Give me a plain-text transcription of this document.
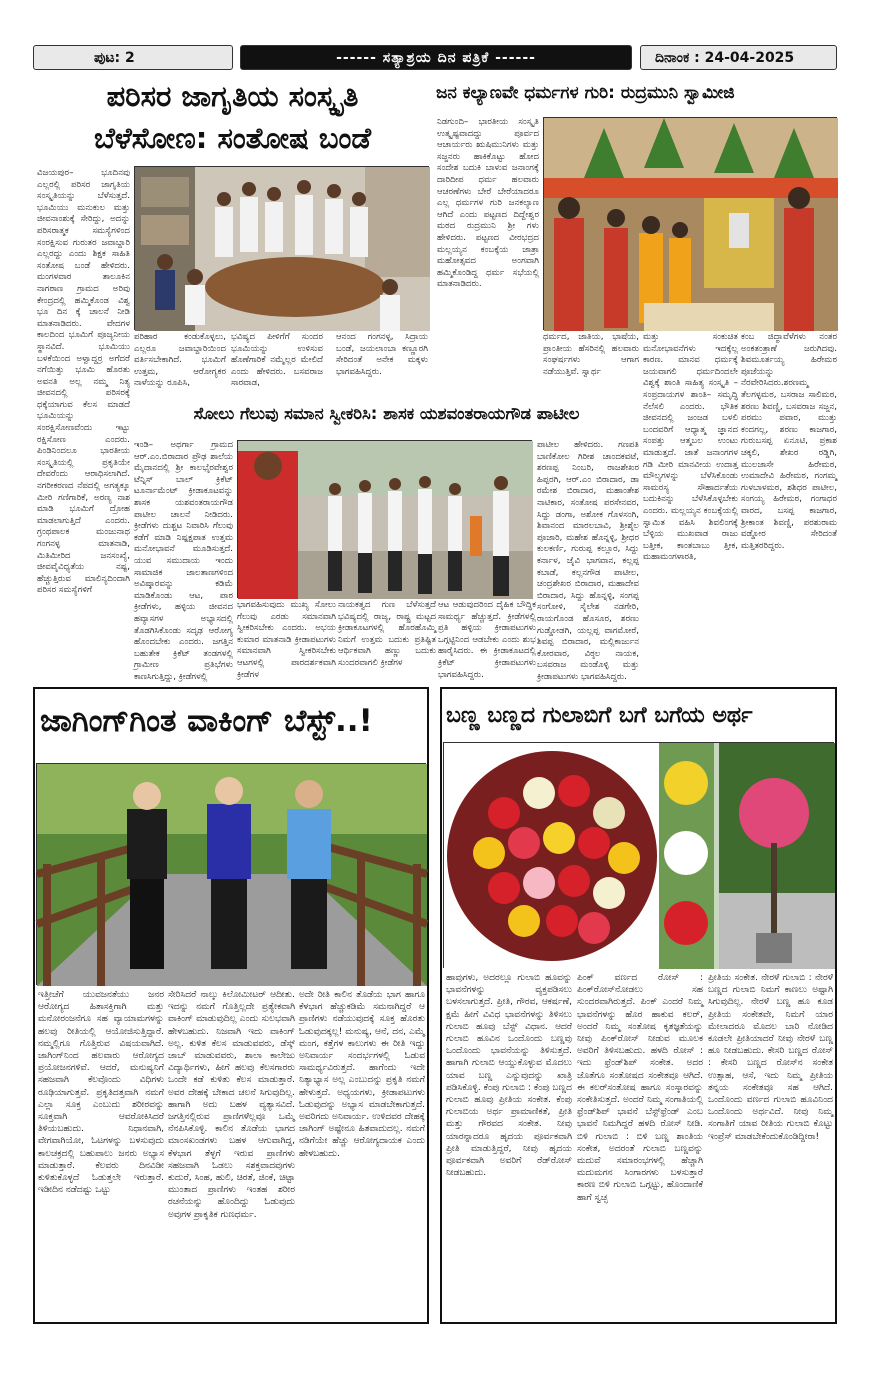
ಪುಟ: 2	------ ಸತ್ಯಾಶ್ರಯ ದಿನ ಪತ್ರಿಕೆ ------	ದಿನಾಂಕ : 24-04-2025
ಪರಿಸರ ಜಾಗೃತಿಯ ಸಂಸ್ಕೃತಿ
ಬೆಳೆಸೋಣ: ಸಂತೋಷ ಬಂಡೆ

ವಿಜಯಪುರ– ಭೂದಿನವು ಎಲ್ಲರಲ್ಲಿ ಪರಿಸರ ಜಾಗೃತಿಯ ಸಂಸ್ಕೃತಿಯನ್ನು ಬೆಳೆಸುತ್ತದೆ. ಭೂಮಿಯು ಮನುಕುಲ ಮತ್ತು ಜೀವನಾಂಶುಕ್ಕೆ ಸೇರಿದ್ದು, ಅದನ್ನು ಪರಿಸರಾತ್ಮಕ ಸಮಸ್ಯೆಗಳಿಂದ ಸಂರಕ್ಷಿಸುವ ಗುರುತರ ಜವಾಬ್ದಾರಿ ಎಲ್ಲರದ್ದು ಎಂದು ಶಿಕ್ಷಕ ಸಾಹಿತಿ ಸಂತೋಷ ಬಂಡೆ ಹೇಳಿದರು. ಮಂಗಳವಾರ ತಾಲೂಕಿನ ನಾಗಠಾಣ ಗ್ರಾಮದ ಅರಿವು ಕೇಂದ್ರದಲ್ಲಿ ಹಮ್ಮಿಕೊಂಡ ವಿಶ್ವ ಭೂ ದಿನ ಕ್ಕೆ ಚಾಲನೆ ನೀಡಿ ಮಾತನಾಡಿದರು. ವೇದಗಳ ಕಾಲದಿಂದ ಭೂಮಿಗೆ ಪೂಜ್ಯನೀಯ ಸ್ಥಾನವಿದೆ. ಭೂಮಿಯು ಬಳಕೆಯಿಂದ ಅಳ್ವಾದ್ದರ್ರ ಅಗೆದರೆ ನಗೆಯಿತ್ತು ಭೂಮಿ ಹೊರತು ಅವನತಿ ಅಲ್ಲ ನಮ್ಮ ನಿತ್ಯ ಜೀವನದಲ್ಲಿ ಪರಿಸರಕ್ಕೆ ಧಕ್ಕೆಯಾಗುವ ಕೆಲಸ ಮಾಡದೆ ಭೂಮಿಯನ್ನು ಸಂರಕ್ಷಿಸೋಣವೆಂದು ಇಟ್ಟು ರಕ್ಷಿಸೋಣ ಎಂದರು. ಪಿಂಡಿನಿಂದಲೂ ಭಾರತೀಯ ಸಂಸ್ಕೃತಿಯಲ್ಲಿ ಪ್ರಕೃತಿಯೇ ದೇವರೆಂದು ಆರಾಧಿಸಲಾಗಿದೆ. ನಗರೀಕರಣದ ನೆಪದಲ್ಲಿ ಅಗತ್ಯಕ್ಕೂ ಮೀರಿ ಗಣಿಗಾರಿಕೆ, ಅರಣ್ಯ ನಾಶ ಮಾಡಿ ಭೂಮಿಗೆ ದ್ರೋಹ ಮಾಡಲಾಗುತ್ತಿದೆ ಎಂದರು. ಗ್ರಂಥಪಾಲಕ ಮಂಜುನಾಥ ಗಂಗನಳ್ಳ ಮಾತನಾಡಿ, ಮಿತಿಮೀರಿದ ಜನಸಂಖ್ಯೆ, ಜೀವವೈವಿಧ್ಯತೆಯ ನಷ್ಟ, ಹೆಚ್ಚುತ್ತಿರುವ ಮಾಲಿನ್ಯದಿಂದಾಗಿ ಪರಿಸರ ಸಮಸ್ಯೆಗಳಿಗೆ

ಪರಿಹಾರ ಕಂಡುಕೊಳ್ಳಲು, ಎಲ್ಲರೂ ಜವಾಬ್ದಾರಿಯಿಂದ ವರ್ತಿಸಬೇಕಾಗಿದೆ. ಭೂಮಿಗೆ ಉತ್ತಮ, ಆರೋಗ್ಯಕರ ನಾಳೆಯನ್ನು ರೂಪಿಸಿ,

ಭವಿಷ್ಯದ ಪೀಳಿಗೆಗೆ ಸುಂದರ ಭೂಮಿಯನ್ನು ಉಳಿಸುವ ಹೊಣೆಗಾರಿಕೆ ನಮ್ಮೆಲ್ಲರ ಮೇಲಿದೆ ಎಂದು ಹೇಳಿದರು. ಬಸವರಾಜ ಸಾರವಾಡ,

ಆನಂದ ಗಂಗನಳ್ಳ, ಸಿದ್ರಾಯ ಬಂಡೆ, ಜಯಲಾಂಬಾ ಕಣ್ಣೂರಗಿ ಸೇರಿದಂತೆ ಅನೇಕ ಮಕ್ಕಳು ಭಾಗವಹಿಸಿದ್ದರು.

ಜನ ಕಲ್ಯಾಣವೇ ಧರ್ಮಗಳ ಗುರಿ: ರುದ್ರಮುನಿ ಸ್ವಾಮೀಜಿ

ನಿಡಗುಂದಿ– ಭಾರತೀಯ ಸಂಸ್ಕೃತಿ ಉತ್ಕೃಷ್ಟವಾದದ್ದು ಪೂರ್ವದ ಆಚಾರ್ಯರು ಋಷಿಮುನಿಗಳು ಮತ್ತು ಸಜ್ಜನರು ಹಾಕಿಕೊಟ್ಟು ಹೋದ ಸಂದೇಶ ಬದುಕಿ ಬಾಳುವ ಜನಾಂಗಕ್ಕೆ ದಾರಿದೀಪ ಧರ್ಮ ಹಲವಾರು ಆಚರಣೆಗಳು ಬೇರೆ ಬೇರೆಯಾದರೂ ಎಲ್ಲ ಧರ್ಮಗಳ ಗುರಿ ಜನಕಲ್ಯಾಣ ಆಗಿದೆ ಎಂದು ಪಟ್ಟಣದ ದಿದ್ದೇಶ್ವರ ಮಠದ ರುದ್ರಮುನಿ ಶ್ರೀ ಗಳು ಹೇಳಿದರು. ಪಟ್ಟಣದ ವೀರಭದ್ರದ ಮಲ್ಲಯ್ಯನ ಕಂಬಕ್ಕೆಯ ಜಾತ್ರಾ ಮಹೋತ್ಸವದ ಅಂಗವಾಗಿ ಹಮ್ಮಿಕೊಂಡಿದ್ದ ಧರ್ಮ ಸಭೆಯಲ್ಲಿ ಮಾತನಾಡಿದರು.

ಧರ್ಮದ, ಜಾತಿಯ, ಭಾಷೆಯ, ಪ್ರಾಂತೀಯ ಹೆಸರಿನಲ್ಲಿ ಹಲವಾರು ಸಂಘರ್ಷಗಳು ಆಗಾಗ ನಡೆಯುತ್ತಿವೆ. ಸ್ವಾರ್ಥ

ಮತ್ತು ಸಂಕುಚಿತ ಮನೋಭಾವನೆಗಳು ಇದಕ್ಕೆಲ್ಲ ಕಾರಣ. ಮಾನವ ಧರ್ಮಕ್ಕೆ ಜಯವಾಗಲಿ ಧರ್ಮದಿಂದಲೇ ವಿಶ್ವಕ್ಕೆ ಶಾಂತಿ ಸಾಹಿತ್ಯ ಸಂಸ್ಕೃತಿ –ಸಂಪ್ರದಾಯಗಳ ಶಾಂತಿ– ಸಮೃದ್ಧಿ ನೆಲೆಸಲಿ ಎಂದರು. ಭೌತಿಕ ಜೀವನದಲ್ಲಿ ಜಂಜಡ ಬಳಲಿ ಬಂದವರಿಗೆ ಆಧ್ಯಾತ್ಮ ಜ್ಞಾನದ ಸಂಪತ್ತು ಆತ್ಮಬಲ ಉಂಟು ಮಾಡುತ್ತದೆ. ಜಾತೆ ಜನಾಂಗಗಳ ಗಡಿ ಮೀರಿ ಮಾನವೀಯ ಉದಾತ್ತ ಮೌಲ್ಯಗಳನ್ನು ಬೆಳೆಸಿಕೊಂಡು ಸಾಮರಸ್ಯ ಸೌಹಾರ್ದತೆಯ ಬದುಕಿನನ್ನು ಬೆಳೆಸಿಕೊಳ್ಳಬೇಕು ಎಂದರು. ಮಲ್ಲಯ್ಯನ ಕಂಬಕ್ಕೆಯಲ್ಲಿ ಸ್ವಾಮಿತ ವಹಿಸಿ ಶಿವಲಿಂಗಕ್ಕೆ ಬೆಳ್ಳಿಯ ಮುಖವಾಡ ರಾಜು ಬತ್ತೀಕ, ಕಾಂತಬಾಬು ತ್ತೀಕ, ಮಹಾಮಂಗಳಾರತಿ,

ಕಂಬ ಜಿದ್ಧಾವೆಳೆಗಳು ನಂತರ ಅಂಕತಂತ್ರಾಣೆ ಜರುಗಿದವು. ಶಿವಮೂರ್ತಯ್ಯ ಹಿರೇಮಠ ಪೂಜೆಯನ್ನು ನೆರವೇರಿಸಿದರು.ಶರಣಮ್ಮ ತೆಲಗಳ್ಳಮಠ, ಬಸರಾಜ ಸಾಲಿಮಠ, ಶರಣು ಶಿವಣ್ಣಿ, ಬಸವರಾಜ ಸಜ್ಜನ, ಪರಮು ಪವಾರ, ಮುತ್ತು ಕಂದಗಲ್ಲ, ಶರಣು ಕಾಜಗಾರ, ಗುರುಬಸಪ್ಪ ಏನೂಟಿ, ಪ್ರಕಾಶ ಚಕ್ಕಲಿ, ಶೇಖರ ರಡ್ಡಿಗಿ, ಮುಲಜಾಸೇ ಹಿರೇಮಠ, ಉಮಾದೇವಿ ಹಿರೇಮಠ, ಗಂಗಮ್ಮ ಗುಳಬಾಳಮಠ, ಶಶಿಧರ ಪಾಟೀಲ, ಸಂಗಯ್ಯ ಹಿರೇಮಠ, ಗಂಗಾಧರ ವಾರದ, ಬಸಪ್ಪ ಕಾಜಗಾರ, ಶ್ರೀಕಾಂತ ಶಿವಣ್ಣಿ, ಪರಶುರಾಮ ವಡ್ಡೋರ ಸೇರಿದಂತೆ ಮತ್ತಿತರರಿದ್ದರು.

ಸೋಲು ಗೆಲುವು ಸಮಾನ ಸ್ವೀಕರಿಸಿ: ಶಾಸಕ ಯಶವಂತರಾಯಗೌಡ ಪಾಟೀಲ

ಇಂಡಿ– ಅಥರ್ಗಾ ಗ್ರಾಮದ ಆರ್.ಎಂ.ಬಿರಾದಾರ ಪ್ರೌಢ ಶಾಲೆಯ ಮೈದಾನದಲ್ಲಿ ಶ್ರೀ ಕಾಲಭೈರವೇಶ್ವರ ಟೆನ್ನಿಸ್ ಬಾಲ್ ಕ್ರಿಕೆಟ್ ಟೂರ್ನಾಮೆಂಟ್ ಕ್ರೀಡಾಕೂಟವನ್ನು ಶಾಸಕ ಯಶವಂತರಾಯಗೌಡ ಪಾಟೀಲ ಚಾಲನೆ ನೀಡಿದರು. ಕ್ರೀಡೆಗಳು ದುಶ್ಚಟ ನಿವಾರಿಸಿ ಗೆಲುವು ಕಡೆಗೆ ಮಾಡಿ ನಿಷ್ಪಕ್ಷಪಾತ ಉತ್ತಮ ಮನೋಭಾವನೆ ಮೂಡಿಸುತ್ತದೆ. ಯುವ ಸಮುದಾಯ ಇಂದು ಸಾಮಾಜಿಕ ಜಾಲತಾಣಗಳಿಂದ ಅವಿಷ್ಕಾರವನ್ನು ಕಡಿಮೆ ಮಾಡಿಕೊಂಡು ಆಟ, ಪಾಠ ಕ್ರೀಡೆಗಳು, ಹಳ್ಳಿಯ ಜೀವನದ ಹವ್ಯಾಸಗಳ ಅಭ್ಯಾಸದಲ್ಲಿ ತೊಡಗಿಸಿಕೊಂಡು ಸದೃಢ ಆರೋಗ್ಯ ಹೊಂದಬೇಕು ಎಂದರು. ಜಗತ್ತಿನ ಬಹುತೇಕ ಕ್ರಿಕೆಟ್ ತಂಡಗಳಲ್ಲಿ ಗ್ರಾಮೀಣ ಪ್ರತಿಭೆಗಳು ಕಾಣಸಿಗುತ್ತಿದ್ದು, ಕ್ರೀಡೆಗಳಲ್ಲಿ

ಪಾಟೀಲ ಹೇಳಿದರು. ಗಣಪತಿ ಬಾಣಿಕೋಲ ಗಿರೀಶ ಚಾಂದಕವಟೆ, ಶರಣಪ್ಪ ನಿಂಬರಿ, ರಾಜಶೇಖರ ಹಿಪ್ಪರಗಿ, ಆರ್.ಎಂ ಬಿರಾದಾರ, ಡಾ ರಮೇಶ ಬಿರಾದಾರ, ಮಹಾಂತೇಶ ನಾಟಿಕಾರ, ಸಂತೋಷ ಪರಸೇನವರ, ಸಿದ್ದು ಡಂಗಾ, ಅಶೋಕ ಗೊಳಸಂಗಿ, ಶಿವಾನಂದ ಮಾರಲಬಾವಿ, ಶ್ರೀಶೈಲ ಪೂಜಾರಿ, ಮಹೇಶ ಹೊನ್ನಳ್ಳಿ, ಶ್ರೀಧರ ಕುಲಕರ್ಣಿ, ಗುರುಪ್ಪ ಕಲ್ಲೂರ, ಸಿದ್ದು ಕರ್ನಾಳ, ಜೈವಿ ಭಾಗವಾನ, ಕಲ್ಲಪ್ಪ ಕಬಾಡೆ, ಕಲ್ಲನಗೌಡ ಪಾಟೀಲ, ಚಂದ್ರಶೇಖರ ಬಿರಾದಾರ, ಮಹಾದೇವ ಬಿರಾದಾರ, ಸಿದ್ದು ಹೊನ್ನಳ್ಳಿ, ಸಂಗಪ್ಪ ಸಂಗೋಳಿ, ಸೈಲೇಶ ನಡಗೇರಿ, ರಾಯಗೊಂಡ ಹೊಸೂರ, ಶರಣು ಗುಡ್ಡೋಡಗಿ, ಯಲ್ಲಪ್ಪ ವಾಗಮೋರೆ, ಶಿವಪ್ಪ ಬಿರಾದಾರ, ಮಲ್ಲಿಕಾರ್ಜುನ ಕೋರವಾರ, ವಿಠ್ಠಲ ನಾಯಕ, ಬಸವರಾಜ ಮಂಡೊಳ್ಳಿ ಮತ್ತು ಕ್ರೀಡಾಪಟುಗಳು ಭಾಗವಹಿಸಿದ್ದರು.

ಭಾಗವಹಿಸುವುದು ಮುಖ್ಯ ಸೋಲು ಗೆಲುವು ಎರಡು ಸಮಾನವಾಗಿ ಸ್ವೀಕರಿಸಬೇಕು ಎಂದರು. ಅಭಯ ಕುಮಾರ ಮಾತನಾಡಿ ಕ್ರೀಡಾಪಟುಗಳು ಸಮಾನವಾಗಿ ಸ್ವೀಕರಿಸಬೇಕು ಆಟಗಳಲ್ಲಿ ಪಾರದರ್ಶಕವಾಗಿ ಕ್ರೀಡೆಗಳ

ನಾಯಕತ್ವದ ಗುಣ ಬೆಳೆಸುತ್ತದೆ ಭವಿಷ್ಯದಲ್ಲಿ ರಾಜ್ಯ, ರಾಷ್ಟ್ರ ಮಟ್ಟದ ಕ್ರೀಡಾಕೂಟಗಳಲ್ಲಿ ಹೊರಹೊಮ್ಮಿ ನಿಮಗೆ ಉತ್ತಮ ಬದುಕು ಪ್ರತಿಷ್ಟಿತ ಆರ್ಥಿಕವಾಗಿ ಹಣ್ಣು ಬದುಕು ಸುಂದರವಾಗಲಿ ಕ್ರೀಡೆಗಳ

ಆಟ ಆಡುವುದರಿಂದ ದೈಹಿಕ ಬೌದ್ಧಿಕ ಸಾಮರ್ಥ್ಯ ಹೆಚ್ಚುತ್ತದೆ. ಕ್ರೀಡೆಗಳಲ್ಲಿ ಪ್ರತಿ ಹಳ್ಳಿಯ ಕ್ರೀಡಾಪಟುಗಳು ಒಗ್ಗಟ್ಟಿನಿಂದ ಆಡಬೇಕು ಎಂದು ಶುಭ ಹಾರೈಸಿದರು. ಈ ಕ್ರೀಡಾಕೂಟದಲ್ಲಿ ಕ್ರಿಕೆಟ್ ಕ್ರೀಡಾಪಟುಗಳು ಭಾಗವಹಿಸಿದ್ದರು.

ಜಾಗಿಂಗ್‌ಗಿಂತ ವಾಕಿಂಗ್ ಬೆಸ್ಟ್..!

ಇತ್ತೀಚೆಗೆ ಯುವಜನತೆಯು ಜನರ ಆರೋಗ್ಯದ ಹಿತಾಸಕ್ತಿಗಾಗಿ ಮತ್ತು ಮನೋರಂಜನೆಗೂ ಸಹ ವ್ಯಾಯಾಮಗಳನ್ನು ಹಲವು ರೀತಿಯಲ್ಲಿ ಆಯೋಜಿಸುತ್ತಿದ್ದಾರೆ. ನಮ್ಮಲ್ಲಿಗೂ ಗೊತ್ತಿರುವ ವಿಷಯವಾಗಿದೆ. ಜಾಗಿಂಗ್‌ನಿಂದ ಹಲವಾರು ಆರೋಗ್ಯದ ಪ್ರಯೋಜನಗಳಿವೆ. ಆದರೆ, ಮನುಷ್ಯನಿಗೆ ಸಹಜವಾಗಿ ಕೆಲವೊಂದು ವಿಧಿಗಳು ರೂಢಿಯಾಗುತ್ತವೆ. ಪ್ರಕೃತಿದತ್ತವಾಗಿ ನಮಗೆ ಎಲ್ಲಾ ಸೂಕ್ತ ಎಂಬುದು ಶರೀರವನ್ನು ಸೂಕ್ತವಾಗಿ ಆವರೋಕಿಸಿದರೆ ತಿಳಿಯಬಹುದು. ನಿಧಾನವಾಗಿ, ವೇಗವಾಗಿಯೋ, ಓಟಗಳನ್ನು ಬಳಸುವುದು ಕಾಲಚಕ್ರದಲ್ಲಿ ಬಹುಪಾಲು ಜನರು ಅಭ್ಯಾಸ ಮಾಡುತ್ತಾರೆ. ಕೆಲವರು ದಿನವಿಡೀ ಕುಳಿತುಕೊಳ್ಳದೆ ಓಡುತ್ತಲೇ ಇರುತ್ತಾರೆ. ಇಡೀದಿನ ನಡೆದಷ್ಟು ಒಟ್ಟು

ಸೇರಿಸಿದರೆ ನಾಲ್ಕು ಕಿಲೋಮೀಟರ್ ಆದೀತು. ಇದನ್ನು ನಮಗೆ ಗೊತ್ತಿಲ್ಲದೇ ಪ್ರತ್ಯೇಕವಾಗಿ ವಾಕಿಂಗ್ ಮಾಡುವುದಿಲ್ಲ ಎಂದು ಸುಲಭವಾಗಿ ಹೇಳಬಹುದು. ನಿಜವಾಗಿ ಇದು ವಾಕಿಂಗ್ ಅಲ್ಲ. ಕುಳಿತ ಕೆಲಸ ಮಾಡುವವರು, ಡೆಸ್ಕ್ ಜಾಬ್ ಮಾಡುವವರು, ಶಾಲಾ ಕಾಲೇಜು ವಿದ್ಯಾರ್ಥಿಗಳು, ಹೀಗೆ ಹಲವು ಕೆಲಸಗಾರರು ಒಂದೇ ಕಡೆ ಕುಳಿತು ಕೆಲಸ ಮಾಡುತ್ತಾರೆ. ಅವರ ದೇಹಕ್ಕೆ ಬೇಕಾದ ಚಲನೆ ಸಿಗುವುದಿಲ್ಲ. ಹಾಗಾಗಿ ಅದು ಬಹಳ ವ್ಯತ್ಯಾಸವಿದೆ. ಜಗತ್ತಿನಲ್ಲಿರುವ ಪ್ರಾಣಿಗಳೆಲ್ಲವೂ ಒಮ್ಮೆ ನೆನಪಿಸಿಕೊಳ್ಳಿ. ಕಾಲಿನ ತೊಡೆಯ ಭಾಗದ ಮಾಂಸಖಂಡಗಳು ಬಹಳ ಆಗುವಾಗಿದ್ದ, ಕೆಳಭಾಗ ತೆಳ್ಳಗೆ ಇರುವ ಪ್ರಾಣಿಗಳು ಸಹಜವಾಗಿ ಓಡಲು ಸಶಕ್ತವಾದವುಗಳು ಕುದುರೆ, ಸಿಂಹ, ಹುಲಿ, ಚಿರತೆ, ಜಿಂಕೆ, ಚಿಟ್ಟಾ ಮುಂತಾದ ಪ್ರಾಣಿಗಳು ಇಂತಹ ಶರೀರ ರಚನೆಯನ್ನು ಹೊಂದಿದ್ದು ಓಡುವುದು ಅವುಗಳ ಪ್ರಾಕೃತಿಕ ಗುಣಧರ್ಮ.

ಅದೇ ರೀತಿ ಕಾಲಿನ ತೊಡೆಯ ಭಾಗ ಹಾಗೂ ಕೆಳಭಾಗ ಹೆಚ್ಚುಕಡಿಮೆ ಸಮನಾಗಿದ್ದರೆ ಆ ಪ್ರಾಣಿಗಳು ನಡೆಯುವುದಕ್ಕೆ ಸೂಕ್ತ ಹೊರತು ಓಡುವುದಕ್ಕಲ್ಲ! ಮನುಷ್ಯ, ಆನೆ, ದನ, ಎಮ್ಮೆ ಮಂಗ, ಕತ್ತೆಗಳ ಕಾಲುಗಳು ಈ ರೀತಿ ಇದ್ದು ಅನಿವಾರ್ಯ ಸಂದರ್ಭಗಳಲ್ಲಿ ಓಡುವ ಸಾಮರ್ಥ್ಯವಿರುತ್ತದೆ. ಹಾಗೆಂದು ಇದೇ ನಿತ್ಯಾಭ್ಯಾಸ ಅಲ್ಲ ಎಂಬುದನ್ನು ಪ್ರಕೃತಿ ನಮಗೆ ಹೇಳುತ್ತದೆ. ಅಧ್ಯಯಗಳು, ಕ್ರೀಡಾಪಟುಗಳು ಓಡುವುದನ್ನು ಅಭ್ಯಾಸ ಮಾಡಬೇಕಾಗುತ್ತದೆ. ಅವರಿಗದು ಅನಿವಾರ್ಯ. ಉಳಿದವರ ದೇಹಕ್ಕೆ ಜಾಗಿಂಗ್ ಅಷ್ಟೇನೂ ಹಿತವಾದುದಲ್ಲ. ನಮಗೆ ನಡಿಗೆಯೇ ಹೆಚ್ಚು ಆರೋಗ್ಯದಾಯಕ ಎಂದು ಹೇಳಬಹುದು.

ಬಣ್ಣ ಬಣ್ಣದ ಗುಲಾಬಿಗೆ ಬಗೆ ಬಗೆಯ ಅರ್ಥ

ಹಾವುಗಳು, ಅದರಲ್ಲೂ ಗುಲಾಬಿ ಹೂವನ್ನು ಭಾವನೆಗಳನ್ನು ವ್ಯಕ್ತಪಡಿಸಲು ಬಳಸಲಾಗುತ್ತದೆ. ಪ್ರೀತಿ, ಗೌರವ, ಆಕರ್ಷಣೆ, ಕ್ಷಮೆ ಹೀಗೆ ವಿವಿಧ ಭಾವನೆಗಳನ್ನು ತಿಳಿಸಲು ಗುಲಾಬಿ ಹೂವು ಬೆಸ್ಟ್ ವಿಧಾನ. ಆದರೆ ಗುಲಾಬಿ ಹೂವಿನ ಒಂದೊಂದು ಬಣ್ಣವು ಒಂದೊಂದು ಭಾವನೆಯನ್ನು ತಿಳಿಸುತ್ತದೆ. ಹಾಗಾಗಿ ಗುಲಾಬಿ ಆಯ್ದುಕೊಳ್ಳುವ ಮೊದಲು ಯಾವ ಬಣ್ಣ ಎನ್ನುವುದನ್ನು ಖಾತ್ರಿ ಪಡಿಸಿಕೊಳ್ಳಿ. ಕೆಂಪು ಗುಲಾಬಿ : ಕೆಂಪು ಬಣ್ಣದ ಗುಲಾಬಿ ಹೂವು ಪ್ರೀತಿಯ ಸಂಕೇತ. ಕೆಂಪು ಗುಲಾಬಿಯ ಅರ್ಥ ಪ್ರಾಮಾಣಿಕತೆ, ಪ್ರೀತಿ ಮತ್ತು ಗೌರವದ ಸಂಕೇತ. ನೀವು ಯಾರನ್ನಾದರೂ ಹೃದಯ ಪೂರ್ವಕವಾಗಿ ಪ್ರೀತಿ ಮಾಡುತ್ತಿದ್ದರೆ, ನೀವು ಹೃದಯ ಪೂರ್ವಕವಾಗಿ ಅವರಿಗೆ ರೆಡ್‌ರೋಸ್ ನೀಡಬಹುದು.

ಪಿಂಕ್ ವರ್ಣದ ರೋಸ್ : ಪಿಂಕ್‌ರೋಸ್‌ನೋಡಲು ಸಹ ಸುಂದರವಾಗಿರುತ್ತದೆ. ಪಿಂಕ್ ಎಂದರೆ ನಿಮ್ಮ ಭಾವನೆಗಳನ್ನು ಹೊರ ಹಾಕುವ ಕಲರ್, ಅಂದರೆ ನಿಮ್ಮ ಸಂತೋಷ ಕೃತಜ್ಞತೆಯನ್ನು ನೀವು ಪಿಂಕ್‌ರೋಸ್ ನೀಡುವ ಮೂಲಕ ಅವರಿಗೆ ತಿಳಿಸಬಹುದು. ಹಳದಿ ರೋಸ್ : ಇದು ಫ್ರೆಂಡ್‌ಶಿಪ್ ಸಂಕೇತ. ಅದರ ಜೊತೆಗೂ ಸಂತೋಷದ ಸಂಕೇತವೂ ಆಗಿದೆ. ಈ ಕಲರ್‌ಸಂತೋಷ ಹಾಗೂ ಸಂಸ್ಕಾರವನ್ನು ಸಂಕೇತಿಸುತ್ತದೆ. ಅಂದರೆ ನಿಮ್ಮ ಸಂಗಾತಿಯಲ್ಲಿ ಫ್ರೆಂಡ್‌ಶಿಪ್ ಭಾವನೆ ಬೆಸ್ಟ್‌ಫ್ರೆಂಡ್ ಎಂಬ ಭಾವನೆ ನಿಮಗಿದ್ದರೆ ಹಳದಿ ರೋಸ್ ನೀಡಿ. ಬಿಳಿ ಗುಲಾಬಿ : ಬಿಳಿ ಬಣ್ಣ ಶಾಂತಿಯ ಸಂಕೇತ, ಅದರಂತೆ ಗುಲಾಬಿ ಬಣ್ಣವನ್ನು ಮದುವೆ ಸಮಾರಂಭಗಳಲ್ಲಿ ಹೆಚ್ಚಾಗಿ ಮದುಮಗನ ಸಿಂಗಾರಗಳು ಬಳಸುತ್ತಾರೆ ಕಾರಣ ಬಿಳಿ ಗುಲಾಬಿ ಒಗ್ಗಟ್ಟು, ಹೊಂದಾಣಿಕೆ ಹಾಗೆ ಸ್ವಚ್ಛ

ಪ್ರೀತಿಯ ಸಂಕೇತ. ನೇರಳೆ ಗುಲಾಬಿ : ನೇರಳೆ ಬಣ್ಣದ ಗುಲಾಬಿ ನಿಮಗೆ ಕಾಣಲು ಅಷ್ಟಾಗಿ ಸಿಗುವುದಿಲ್ಲ. ನೇರಳೆ ಬಣ್ಣ ಹೂ ಕೂಡ ಪ್ರೀತಿಯ ಸಂಕೇತವೇ, ನಿಮಗೆ ಯಾರ ಮೇಲಾದರೂ ಮೊದಲ ಬಾರಿ ನೋಡಿದ ಕೂಡಲೇ ಪ್ರೀತಿಯಾದರೆ ನೀವು ನೇರಳೆ ಬಣ್ಣ ಹೂ ನೀಡಬಹುದು. ಕೇಸರಿ ಬಣ್ಣದ ರೋಸ್ : ಕೇಸರಿ ಬಣ್ಣದ ರೋಸ್‌ನ ಸಂಕೇತ ಉತ್ಸಾಹ, ಆಸೆ, ಇದು ನಿಮ್ಮ ಪ್ರೀತಿಯ ತನ್ನಯ ಸಂಕೇತವೂ ಸಹ ಆಗಿದೆ. ಒಂದೊಂದು ವರ್ಣದ ಗುಲಾಬಿ ಹೂವಿನಿಂದ ಒಂದೊಂದು ಅರ್ಥವಿದೆ. ನೀವು ನಿಮ್ಮ ಸಂಗಾತಿಗೆ ಯಾವ ರೀತಿಯ ಗುಲಾಬಿ ಕೊಟ್ಟು ಇಂಪ್ರೆಸ್ ಮಾಡಬೇಕೆಂದುಕೊಂಡಿದ್ದೀರಾ!
